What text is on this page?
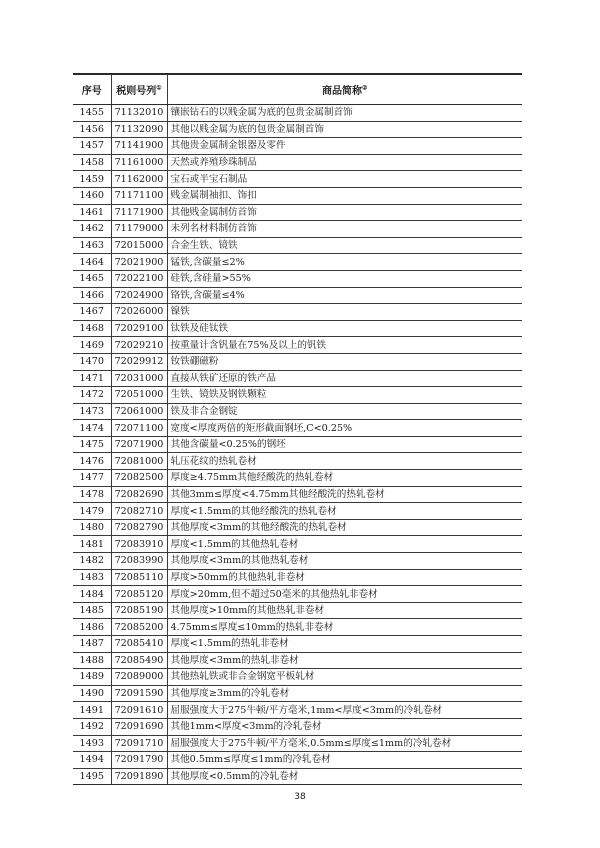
序号	税则号列①	商品简称②
1455	71132010	镶嵌钻石的以贱金属为底的包贵金属制首饰
1456	71132090	其他以贱金属为底的包贵金属制首饰
1457	71141900	其他贵金属制金银器及零件
1458	71161000	天然或养殖珍珠制品
1459	71162000	宝石或半宝石制品
1460	71171100	贱金属制袖扣、饰扣
1461	71171900	其他贱金属制仿首饰
1462	71179000	未列名材料制仿首饰
1463	72015000	合金生铁、镜铁
1464	72021900	锰铁,含碳量≤2%
1465	72022100	硅铁,含硅量>55%
1466	72024900	铬铁,含碳量≤4%
1467	72026000	镍铁
1468	72029100	钛铁及硅钛铁
1469	72029210	按重量计含钒量在75%及以上的钒铁
1470	72029912	钕铁硼磁粉
1471	72031000	直接从铁矿还原的铁产品
1472	72051000	生铁、镜铁及钢铁颗粒
1473	72061000	铁及非合金钢锭
1474	72071100	宽度<厚度两倍的矩形截面钢坯,C<0.25%
1475	72071900	其他含碳量<0.25%的钢坯
1476	72081000	轧压花纹的热轧卷材
1477	72082500	厚度≥4.75mm其他经酸洗的热轧卷材
1478	72082690	其他3mm≤厚度<4.75mm其他经酸洗的热轧卷材
1479	72082710	厚度<1.5mm的其他经酸洗的热轧卷材
1480	72082790	其他厚度<3mm的其他经酸洗的热轧卷材
1481	72083910	厚度<1.5mm的其他热轧卷材
1482	72083990	其他厚度<3mm的其他热轧卷材
1483	72085110	厚度>50mm的其他热轧非卷材
1484	72085120	厚度>20mm,但不超过50毫米的其他热轧非卷材
1485	72085190	其他厚度>10mm的其他热轧非卷材
1486	72085200	4.75mm≤厚度≤10mm的热轧非卷材
1487	72085410	厚度<1.5mm的热轧非卷材
1488	72085490	其他厚度<3mm的热轧非卷材
1489	72089000	其他热轧铁或非合金钢宽平板轧材
1490	72091590	其他厚度≥3mm的冷轧卷材
1491	72091610	屈服强度大于275牛顿/平方毫米,1mm<厚度<3mm的冷轧卷材
1492	72091690	其他1mm<厚度<3mm的冷轧卷材
1493	72091710	屈服强度大于275牛顿/平方毫米,0.5mm≤厚度≤1mm的冷轧卷材
1494	72091790	其他0.5mm≤厚度≤1mm的冷轧卷材
1495	72091890	其他厚度<0.5mm的冷轧卷材
38
